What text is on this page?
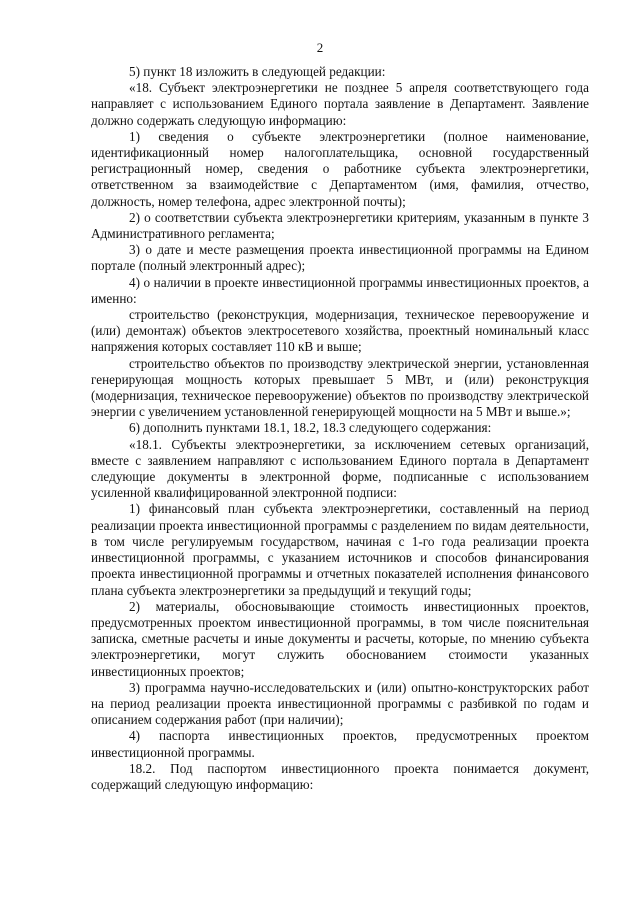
2

5) пункт 18 изложить в следующей редакции:

«18. Субъект электроэнергетики не позднее 5 апреля соответствующего года направляет с использованием Единого портала заявление в Департамент. Заявление должно содержать следующую информацию:

1) сведения о субъекте электроэнергетики (полное наименование, идентификационный номер налогоплательщика, основной государственный регистрационный номер, сведения о работнике субъекта электроэнергетики, ответственном за взаимодействие с Департаментом (имя, фамилия, отчество, должность, номер телефона, адрес электронной почты);

2) о соответствии субъекта электроэнергетики критериям, указанным в пункте 3 Административного регламента;

3) о дате и месте размещения проекта инвестиционной программы на Едином портале (полный электронный адрес);

4) о наличии в проекте инвестиционной программы инвестиционных проектов, а именно:

строительство (реконструкция, модернизация, техническое перевооружение и (или) демонтаж) объектов электросетевого хозяйства, проектный номинальный класс напряжения которых составляет 110 кВ и выше;

строительство объектов по производству электрической энергии, установленная генерирующая мощность которых превышает 5 МВт, и (или) реконструкция (модернизация, техническое перевооружение) объектов по производству электрической энергии с увеличением установленной генерирующей мощности на 5 МВт и выше.»;

6) дополнить пунктами 18.1, 18.2, 18.3 следующего содержания:

«18.1. Субъекты электроэнергетики, за исключением сетевых организаций, вместе с заявлением направляют с использованием Единого портала в Департамент следующие документы в электронной форме, подписанные с использованием усиленной квалифицированной электронной подписи:

1) финансовый план субъекта электроэнергетики, составленный на период реализации проекта инвестиционной программы с разделением по видам деятельности, в том числе регулируемым государством, начиная с 1-го года реализации проекта инвестиционной программы, с указанием источников и способов финансирования проекта инвестиционной программы и отчетных показателей исполнения финансового плана субъекта электроэнергетики за предыдущий и текущий годы;

2) материалы, обосновывающие стоимость инвестиционных проектов, предусмотренных проектом инвестиционной программы, в том числе пояснительная записка, сметные расчеты и иные документы и расчеты, которые, по мнению субъекта электроэнергетики, могут служить обоснованием стоимости указанных инвестиционных проектов;

3) программа научно-исследовательских и (или) опытно-конструкторских работ на период реализации проекта инвестиционной программы с разбивкой по годам и описанием содержания работ (при наличии);

4) паспорта инвестиционных проектов, предусмотренных проектом инвестиционной программы.

18.2. Под паспортом инвестиционного проекта понимается документ, содержащий следующую информацию:
